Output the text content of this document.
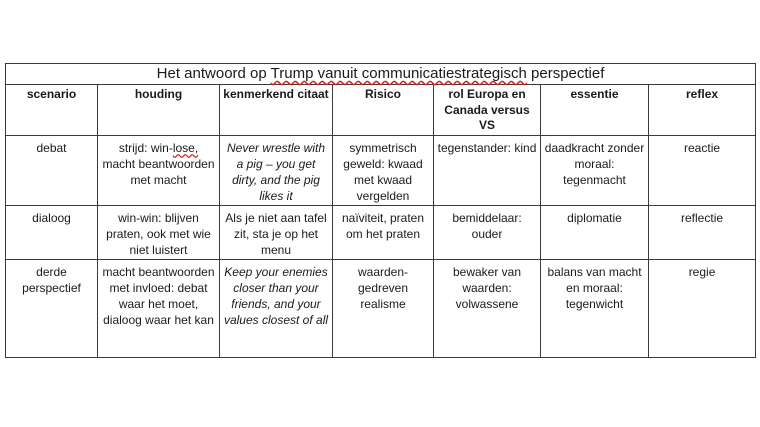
Het antwoord op Trump vanuit communicatiestrategisch perspectief						
scenario	houding	kenmerkend citaat	Risico	rol Europa en Canada versus VS	essentie	reflex
debat	strijd: win-lose, macht beantwoorden met macht	Never wrestle with a pig – you get dirty, and the pig likes it	symmetrisch geweld: kwaad met kwaad vergelden	tegenstander: kind	daadkracht zonder moraal: tegenmacht	reactie
dialoog	win-win: blijven praten, ook met wie niet luistert	Als je niet aan tafel zit, sta je op het menu	naïviteit, praten om het praten	bemiddelaar: ouder	diplomatie	reflectie
derde perspectief	macht beantwoorden met invloed: debat waar het moet, dialoog waar het kan	Keep your enemies closer than your friends, and your values closest of all	waarden-gedreven realisme	bewaker van waarden: volwassene	balans van macht en moraal: tegenwicht	regie
